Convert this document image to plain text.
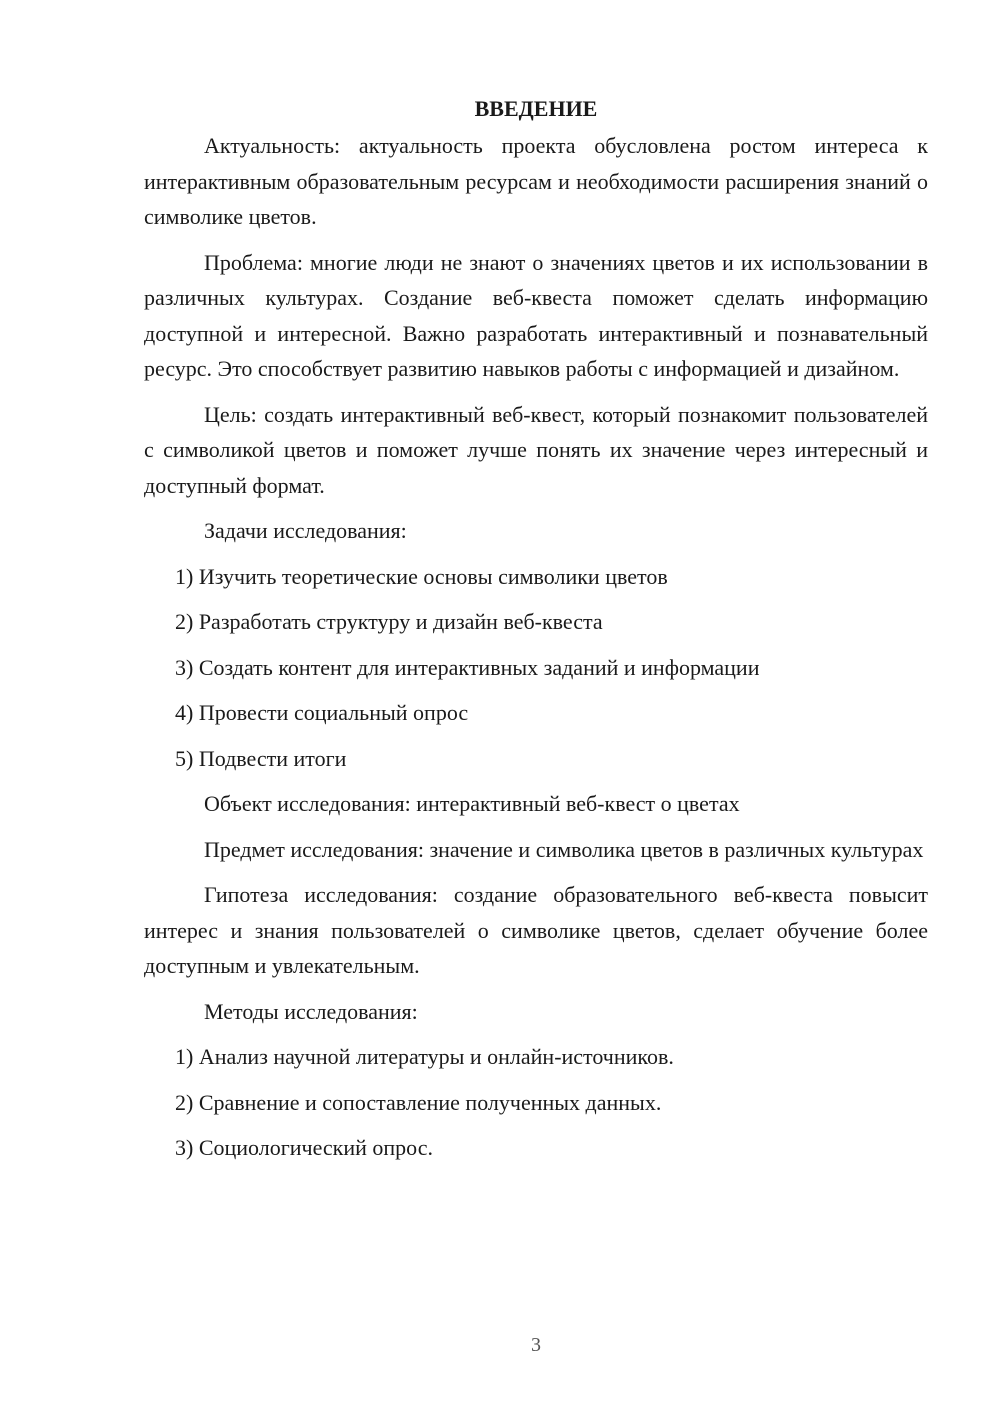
ВВЕДЕНИЕ

Актуальность: актуальность проекта обусловлена ростом интереса к интерактивным образовательным ресурсам и необходимости расширения знаний о символике цветов.

Проблема: многие люди не знают о значениях цветов и их использовании в различных культурах. Создание веб-квеста поможет сделать информацию доступной и интересной. Важно разработать интерактивный и познавательный ресурс. Это способствует развитию навыков работы с информацией и дизайном.

Цель: создать интерактивный веб-квест, который познакомит пользователей с символикой цветов и поможет лучше понять их значение через интересный и доступный формат.

Задачи исследования:

1) Изучить теоретические основы символики цветов
2) Разработать структуру и дизайн веб-квеста
3) Создать контент для интерактивных заданий и информации
4) Провести социальный опрос
5) Подвести итоги

Объект исследования: интерактивный веб-квест о цветах

Предмет исследования: значение и символика цветов в различных культурах

Гипотеза исследования: создание образовательного веб-квеста повысит интерес и знания пользователей о символике цветов, сделает обучение более доступным и увлекательным.

Методы исследования:

1) Анализ научной литературы и онлайн-источников.
2) Сравнение и сопоставление полученных данных.
3) Социологический опрос.
3
